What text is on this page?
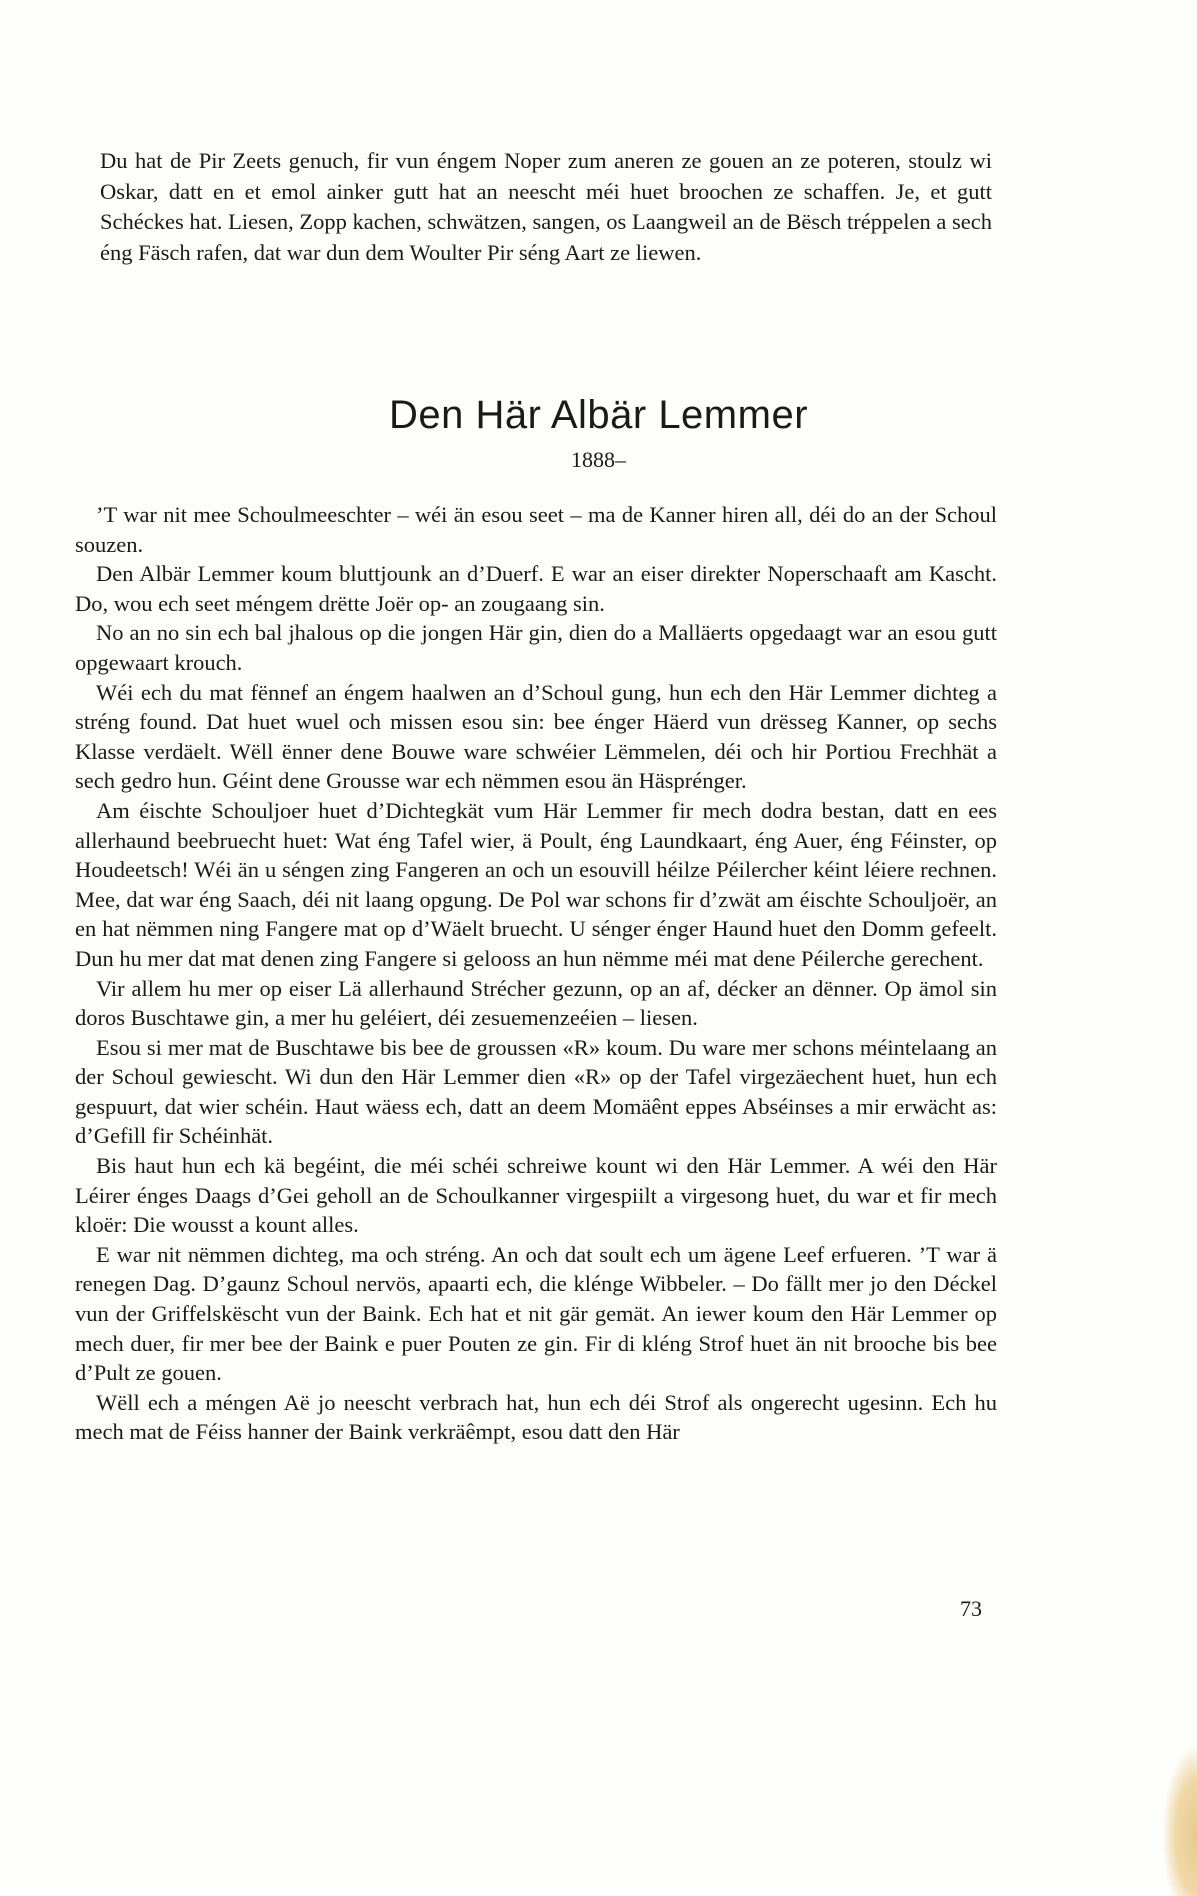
Du hat de Pir Zeets genuch, fir vun éngem Noper zum aneren ze gouen an ze poteren, stoulz wi Oskar, datt en et emol ainker gutt hat an neescht méi huet broochen ze schaffen. Je, et gutt Schéckes hat. Liesen, Zopp kachen, schwätzen, sangen, os Laangweil an de Bësch tréppelen a sech éng Fäsch rafen, dat war dun dem Woulter Pir séng Aart ze liewen.
Den Här Albär Lemmer
1888–

’T war nit mee Schoulmeeschter – wéi än esou seet – ma de Kanner hiren all, déi do an der Schoul souzen.

Den Albär Lemmer koum bluttjounk an d’Duerf. E war an eiser direkter Noperschaaft am Kascht. Do, wou ech seet méngem drëtte Joër op- an zougaang sin.

No an no sin ech bal jhalous op die jongen Här gin, dien do a Malläerts opgedaagt war an esou gutt opgewaart krouch.

Wéi ech du mat fënnef an éngem haalwen an d’Schoul gung, hun ech den Här Lemmer dichteg a stréng found. Dat huet wuel och missen esou sin: bee énger Häerd vun drësseg Kanner, op sechs Klasse verdäelt. Wëll ënner dene Bouwe ware schwéier Lëmmelen, déi och hir Portiou Frechhät a sech gedro hun. Géint dene Grousse war ech nëmmen esou än Häsprénger.

Am éischte Schouljoer huet d’Dichtegkät vum Här Lemmer fir mech dodra bestan, datt en ees allerhaund beebruecht huet: Wat éng Tafel wier, ä Poult, éng Laundkaart, éng Auer, éng Féinster, op Houdeetsch! Wéi än u séngen zing Fangeren an och un esouvill héilze Péilercher kéint léiere rechnen. Mee, dat war éng Saach, déi nit laang opgung. De Pol war schons fir d’zwät am éischte Schouljoër, an en hat nëmmen ning Fangere mat op d’Wäelt bruecht. U sénger énger Haund huet den Domm gefeelt. Dun hu mer dat mat denen zing Fangere si gelooss an hun nëmme méi mat dene Péilerche gerechent.

Vir allem hu mer op eiser Lä allerhaund Strécher gezunn, op an af, décker an dënner. Op ämol sin doros Buschtawe gin, a mer hu geléiert, déi zesuemenzeéien – liesen.

Esou si mer mat de Buschtawe bis bee de groussen «R» koum. Du ware mer schons méintelaang an der Schoul gewiescht. Wi dun den Här Lemmer dien «R» op der Tafel virgezäechent huet, hun ech gespuurt, dat wier schéin. Haut wäess ech, datt an deem Momäênt eppes Abséinses a mir erwächt as: d’Gefill fir Schéinhät.

Bis haut hun ech kä begéint, die méi schéi schreiwe kount wi den Här Lemmer. A wéi den Här Léirer énges Daags d’Gei geholl an de Schoulkanner virgespiilt a virgesong huet, du war et fir mech kloër: Die wousst a kount alles.

E war nit nëmmen dichteg, ma och stréng. An och dat soult ech um ägene Leef erfueren. ’T war ä renegen Dag. D’gaunz Schoul nervös, apaarti ech, die klénge Wibbeler. – Do fällt mer jo den Déckel vun der Griffelskëscht vun der Baink. Ech hat et nit gär gemät. An iewer koum den Här Lemmer op mech duer, fir mer bee der Baink e puer Pouten ze gin. Fir di kléng Strof huet än nit brooche bis bee d’Pult ze gouen.

Wëll ech a méngen Aë jo neescht verbrach hat, hun ech déi Strof als ongerecht ugesinn. Ech hu mech mat de Féiss hanner der Baink verkräêmpt, esou datt den Här

73
